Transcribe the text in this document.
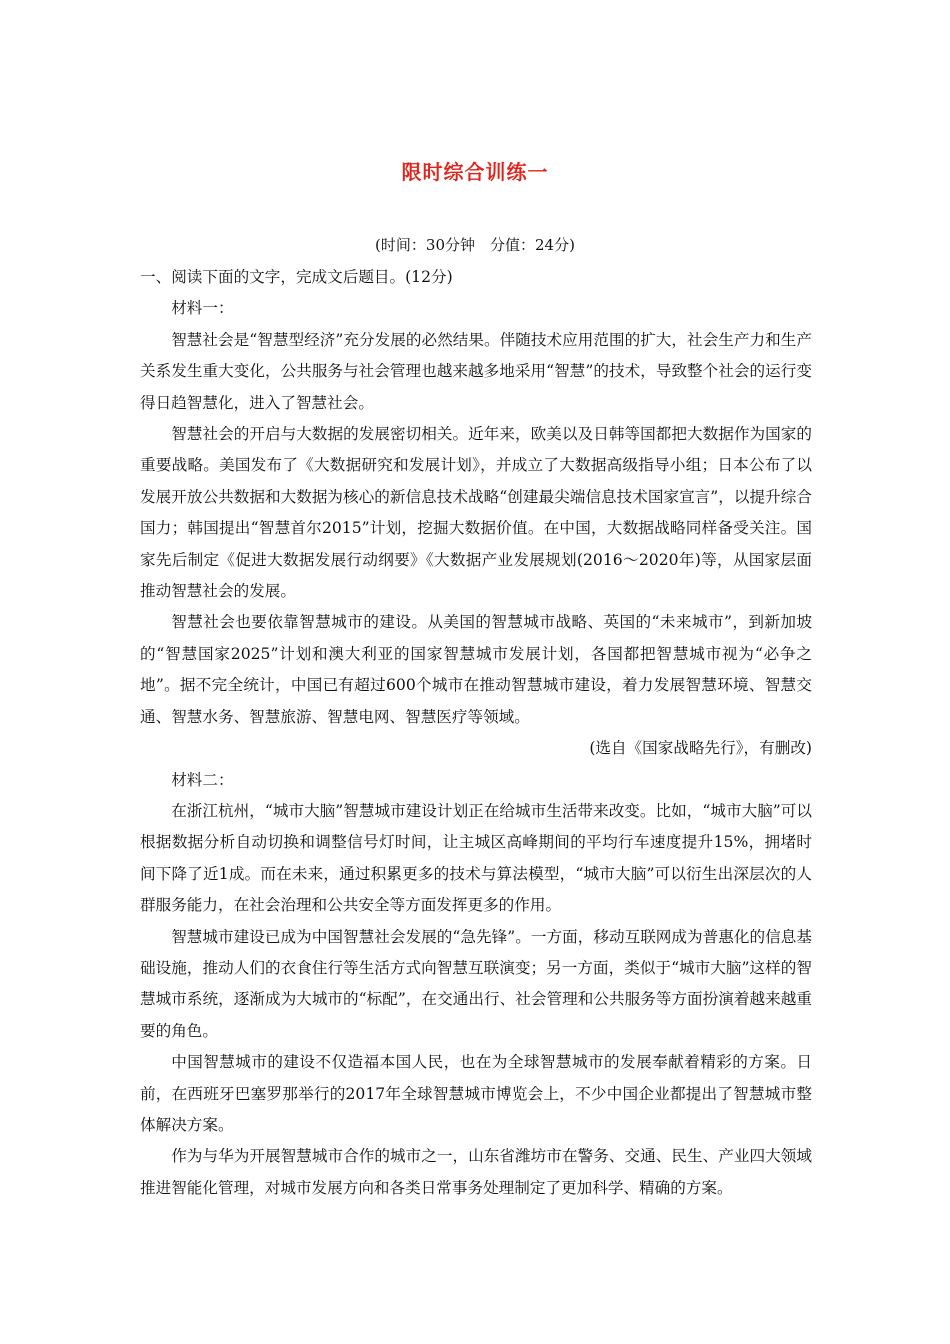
限时综合训练一
(时间：30分钟　分值：24分)

一、阅读下面的文字，完成文后题目。(12分)

材料一：

智慧社会是“智慧型经济”充分发展的必然结果。伴随技术应用范围的扩大，社会生产力和生产关系发生重大变化，公共服务与社会管理也越来越多地采用“智慧”的技术，导致整个社会的运行变得日趋智慧化，进入了智慧社会。

智慧社会的开启与大数据的发展密切相关。近年来，欧美以及日韩等国都把大数据作为国家的重要战略。美国发布了《大数据研究和发展计划》，并成立了大数据高级指导小组；日本公布了以发展开放公共数据和大数据为核心的新信息技术战略“创建最尖端信息技术国家宣言”，以提升综合国力；韩国提出“智慧首尔2015”计划，挖掘大数据价值。在中国，大数据战略同样备受关注。国家先后制定《促进大数据发展行动纲要》《大数据产业发展规划(2016～2020年)等，从国家层面推动智慧社会的发展。

智慧社会也要依靠智慧城市的建设。从美国的智慧城市战略、英国的“未来城市”，到新加坡的“智慧国家2025”计划和澳大利亚的国家智慧城市发展计划，各国都把智慧城市视为“必争之地”。据不完全统计，中国已有超过600个城市在推动智慧城市建设，着力发展智慧环境、智慧交通、智慧水务、智慧旅游、智慧电网、智慧医疗等领域。

(选自《国家战略先行》，有删改)

材料二：

在浙江杭州，“城市大脑”智慧城市建设计划正在给城市生活带来改变。比如，“城市大脑”可以根据数据分析自动切换和调整信号灯时间，让主城区高峰期间的平均行车速度提升15%，拥堵时间下降了近1成。而在未来，通过积累更多的技术与算法模型，“城市大脑”可以衍生出深层次的人群服务能力，在社会治理和公共安全等方面发挥更多的作用。

智慧城市建设已成为中国智慧社会发展的“急先锋”。一方面，移动互联网成为普惠化的信息基础设施，推动人们的衣食住行等生活方式向智慧互联演变；另一方面，类似于“城市大脑”这样的智慧城市系统，逐渐成为大城市的“标配”，在交通出行、社会管理和公共服务等方面扮演着越来越重要的角色。

中国智慧城市的建设不仅造福本国人民，也在为全球智慧城市的发展奉献着精彩的方案。日前，在西班牙巴塞罗那举行的2017年全球智慧城市博览会上，不少中国企业都提出了智慧城市整体解决方案。

作为与华为开展智慧城市合作的城市之一，山东省潍坊市在警务、交通、民生、产业四大领域推进智能化管理，对城市发展方向和各类日常事务处理制定了更加科学、精确的方案。
